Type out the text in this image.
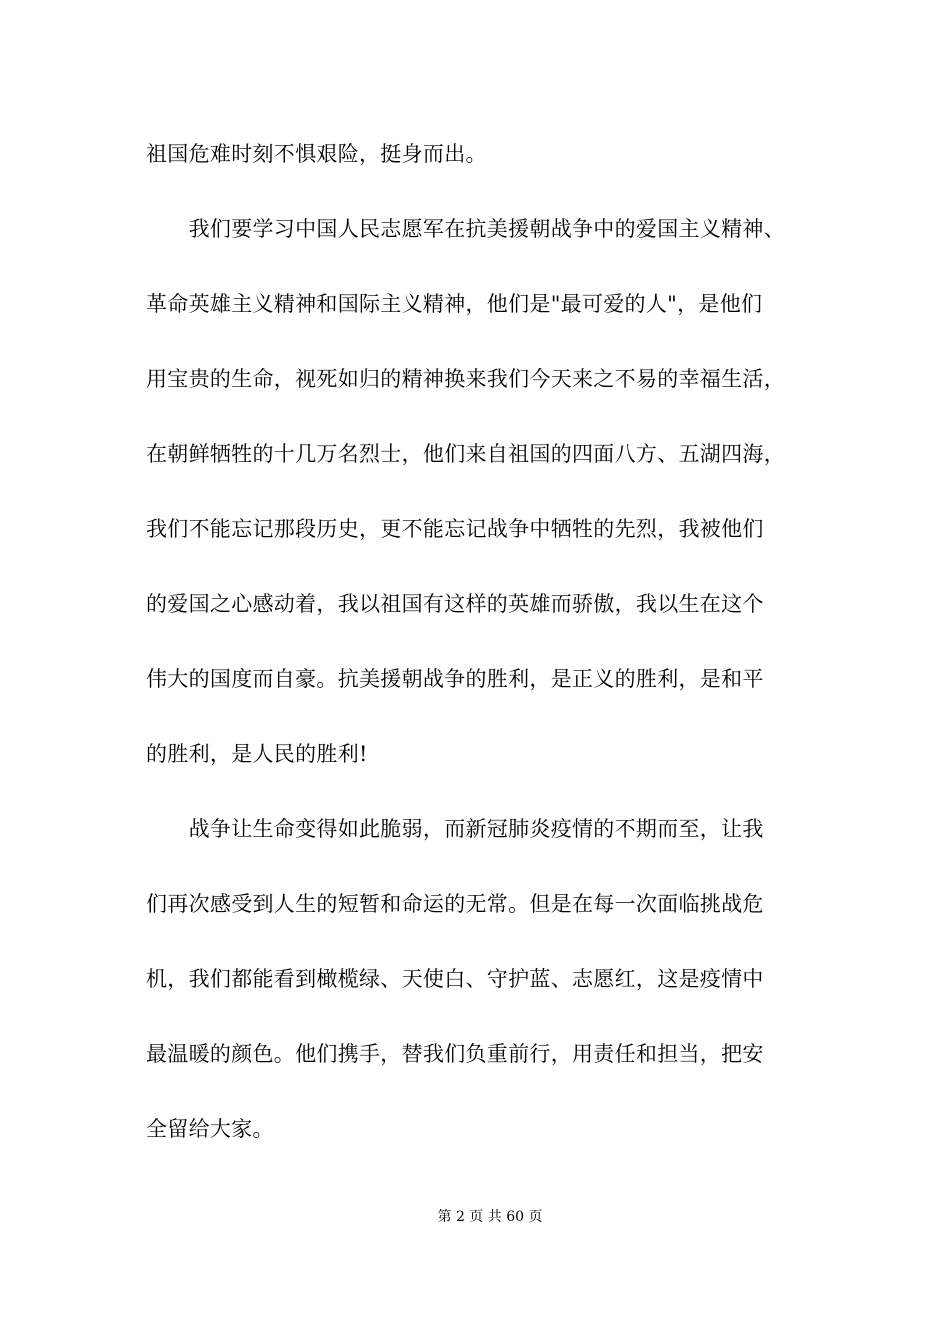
祖国危难时刻不惧艰险，挺身而出。
　　我们要学习中国人民志愿军在抗美援朝战争中的爱国主义精神、
革命英雄主义精神和国际主义精神，他们是"最可爱的人"，是他们
用宝贵的生命，视死如归的精神换来我们今天来之不易的幸福生活，
在朝鲜牺牲的十几万名烈士，他们来自祖国的四面八方、五湖四海，
我们不能忘记那段历史，更不能忘记战争中牺牲的先烈，我被他们
的爱国之心感动着，我以祖国有这样的英雄而骄傲，我以生在这个
伟大的国度而自豪。抗美援朝战争的胜利，是正义的胜利，是和平
的胜利，是人民的胜利!
　　战争让生命变得如此脆弱，而新冠肺炎疫情的不期而至，让我
们再次感受到人生的短暂和命运的无常。但是在每一次面临挑战危
机，我们都能看到橄榄绿、天使白、守护蓝、志愿红，这是疫情中
最温暖的颜色。他们携手，替我们负重前行，用责任和担当，把安
全留给大家。
第 2 页 共 60 页
